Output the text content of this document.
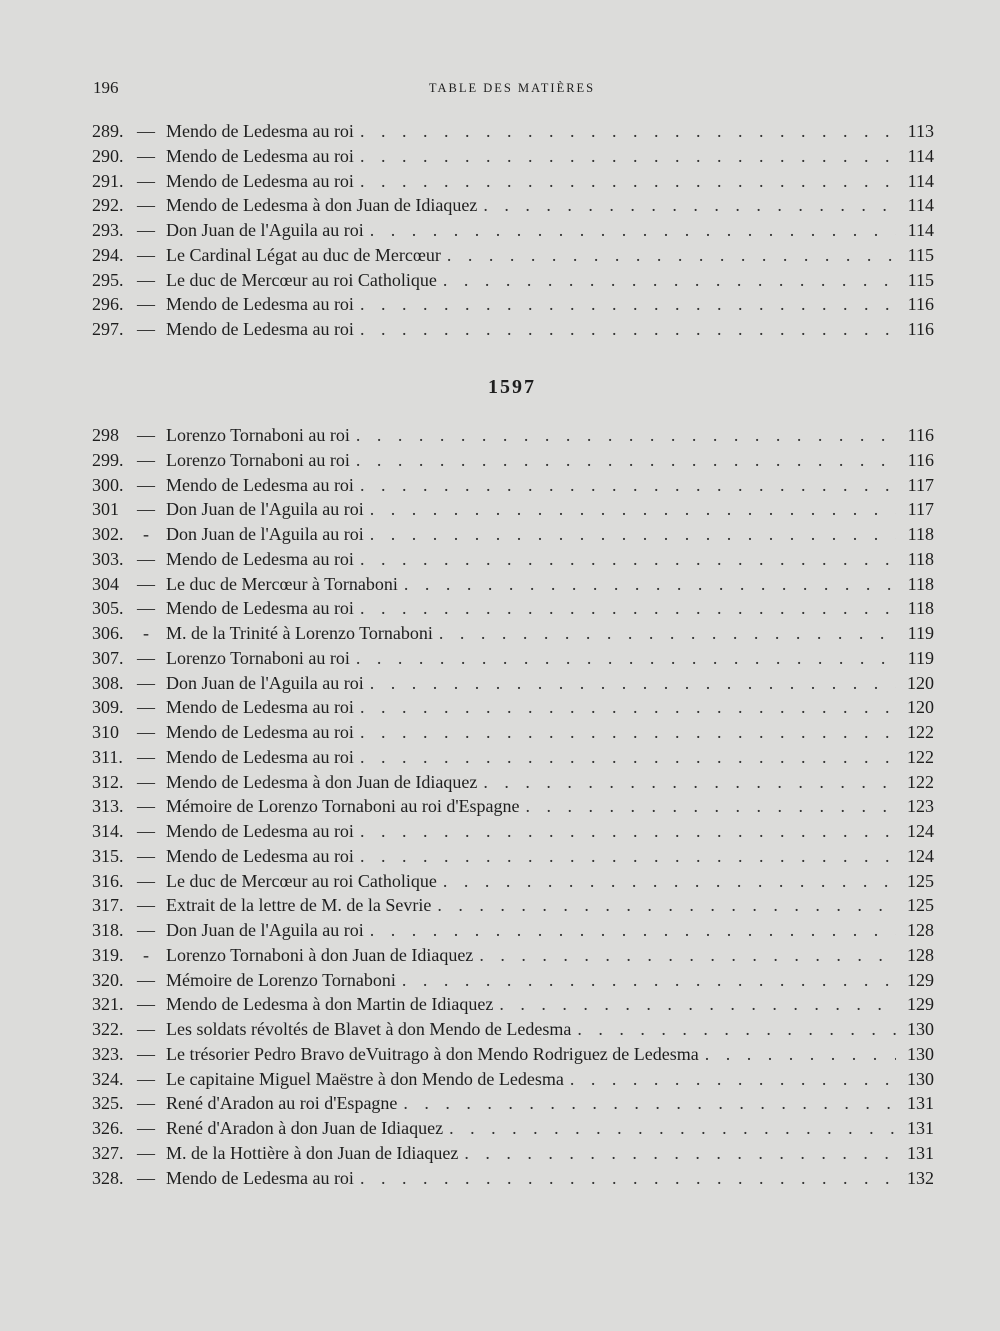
196	TABLE DES MATIÈRES
289. — Mendo de Ledesma au roi . . .	113
290. — Mendo de Ledesma au roi . . .	114
291. — Mendo de Ledesma au roi . . .	114
292. — Mendo de Ledesma à don Juan de Idiaquez . . .	114
293. — Don Juan de l'Aguila au roi . . .	114
294. — Le Cardinal Légat au duc de Mercœur . . .	115
295. — Le duc de Mercœur au roi Catholique . . .	115
296. — Mendo de Ledesma au roi . . .	116
297. — Mendo de Ledesma au roi . . .	116
1597
298	— Lorenzo Tornaboni au roi . . .	116
299. — Lorenzo Tornaboni au roi . . .	116
300. — Mendo de Ledesma au roi . . .	117
301	— Don Juan de l'Aguila au roi . . .	117
302.	- Don Juan de l'Aguila au roi . . .	118
303. — Mendo de Ledesma au roi . . .	118
304	— Le duc de Mercœur à Tornaboni . . .	118
305. — Mendo de Ledesma au roi . . .	118
306.	- M. de la Trinité à Lorenzo Tornaboni . . .	119
307. — Lorenzo Tornaboni au roi . . .	119
308. — Don Juan de l'Aguila au roi . . .	120
309. — Mendo de Ledesma au roi . . .	120
310	— Mendo de Ledesma au roi . . .	122
311. — Mendo de Ledesma au roi . . .	122
312. — Mendo de Ledesma à don Juan de Idiaquez . . .	122
313. — Mémoire de Lorenzo Tornaboni au roi d'Espagne . . .	123
314. — Mendo de Ledesma au roi . . .	124
315. — Mendo de Ledesma au roi . . .	124
316. — Le duc de Mercœur au roi Catholique . . .	125
317. — Extrait de la lettre de M. de la Sevrie . . .	125
318. — Don Juan de l'Aguila au roi . . .	128
319.	- Lorenzo Tornaboni à don Juan de Idiaquez . . .	128
320. — Mémoire de Lorenzo Tornaboni . . .	129
321. — Mendo de Ledesma à don Martin de Idiaquez . . .	129
322. — Les soldats révoltés de Blavet à don Mendo de Ledesma . . .	130
323. — Le trésorier Pedro Bravo deVuitrago à don Mendo Rodriguez de Ledesma . . .	130
324. — Le capitaine Miguel Maëstre à don Mendo de Ledesma . . .	130
325. — René d'Aradon au roi d'Espagne . . .	131
326. — René d'Aradon à don Juan de Idiaquez . . .	131
327. — M. de la Hottière à don Juan de Idiaquez . . .	131
328. — Mendo de Ledesma au roi . . .	132
